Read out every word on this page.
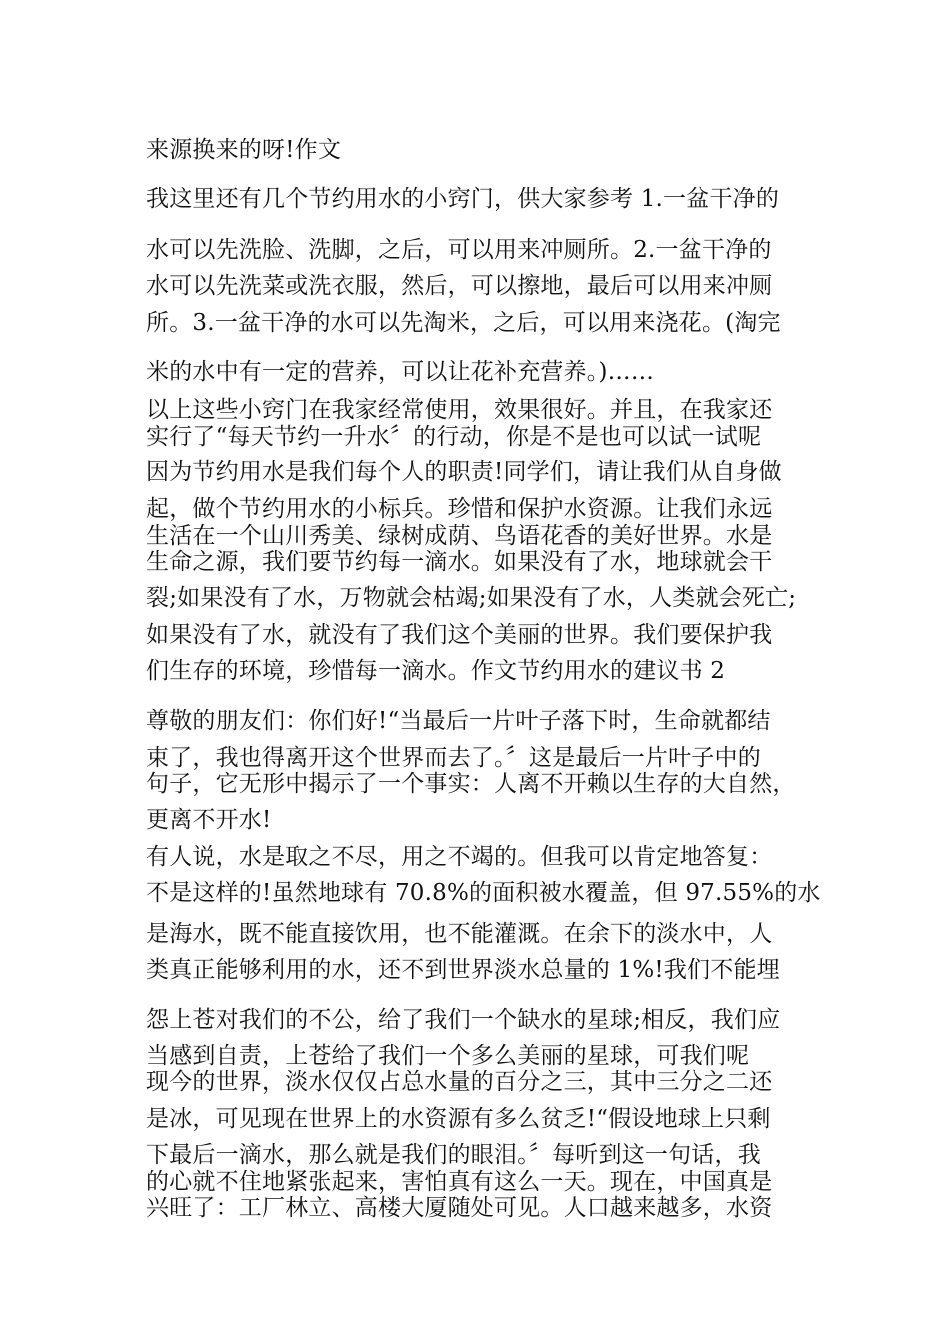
来源换来的呀!作文
我这里还有几个节约用水的小窍门，供大家参考 1.一盆干净的
水可以先洗脸、洗脚，之后，可以用来冲厕所。2.一盆干净的
水可以先洗菜或洗衣服，然后，可以擦地，最后可以用来冲厕
所。3.一盆干净的水可以先淘米，之后，可以用来浇花。(淘完
米的水中有一定的营养，可以让花补充营养。)……
以上这些小窍门在我家经常使用，效果很好。并且，在我家还
实行了“每天节约一升水〞的行动，你是不是也可以试一试呢
因为节约用水是我们每个人的职责!同学们，请让我们从自身做
起，做个节约用水的小标兵。珍惜和保护水资源。让我们永远
生活在一个山川秀美、绿树成荫、鸟语花香的美好世界。水是
生命之源，我们要节约每一滴水。如果没有了水，地球就会干
裂;如果没有了水，万物就会枯竭;如果没有了水，人类就会死亡;
如果没有了水，就没有了我们这个美丽的世界。我们要保护我
们生存的环境，珍惜每一滴水。作文节约用水的建议书 2
尊敬的朋友们：你们好!“当最后一片叶子落下时，生命就都结
束了，我也得离开这个世界而去了。〞这是最后一片叶子中的
句子，它无形中揭示了一个事实：人离不开赖以生存的大自然，
更离不开水!
有人说，水是取之不尽，用之不竭的。但我可以肯定地答复：
不是这样的!虽然地球有 70.8%的面积被水覆盖，但 97.55%的水
是海水，既不能直接饮用，也不能灌溉。在余下的淡水中，人
类真正能够利用的水，还不到世界淡水总量的 1%!我们不能埋
怨上苍对我们的不公，给了我们一个缺水的星球;相反，我们应
当感到自责，上苍给了我们一个多么美丽的星球，可我们呢
现今的世界，淡水仅仅占总水量的百分之三，其中三分之二还
是冰，可见现在世界上的水资源有多么贫乏!“假设地球上只剩
下最后一滴水，那么就是我们的眼泪。〞每听到这一句话，我
的心就不住地紧张起来，害怕真有这么一天。现在，中国真是
兴旺了：工厂林立、高楼大厦随处可见。人口越来越多，水资
